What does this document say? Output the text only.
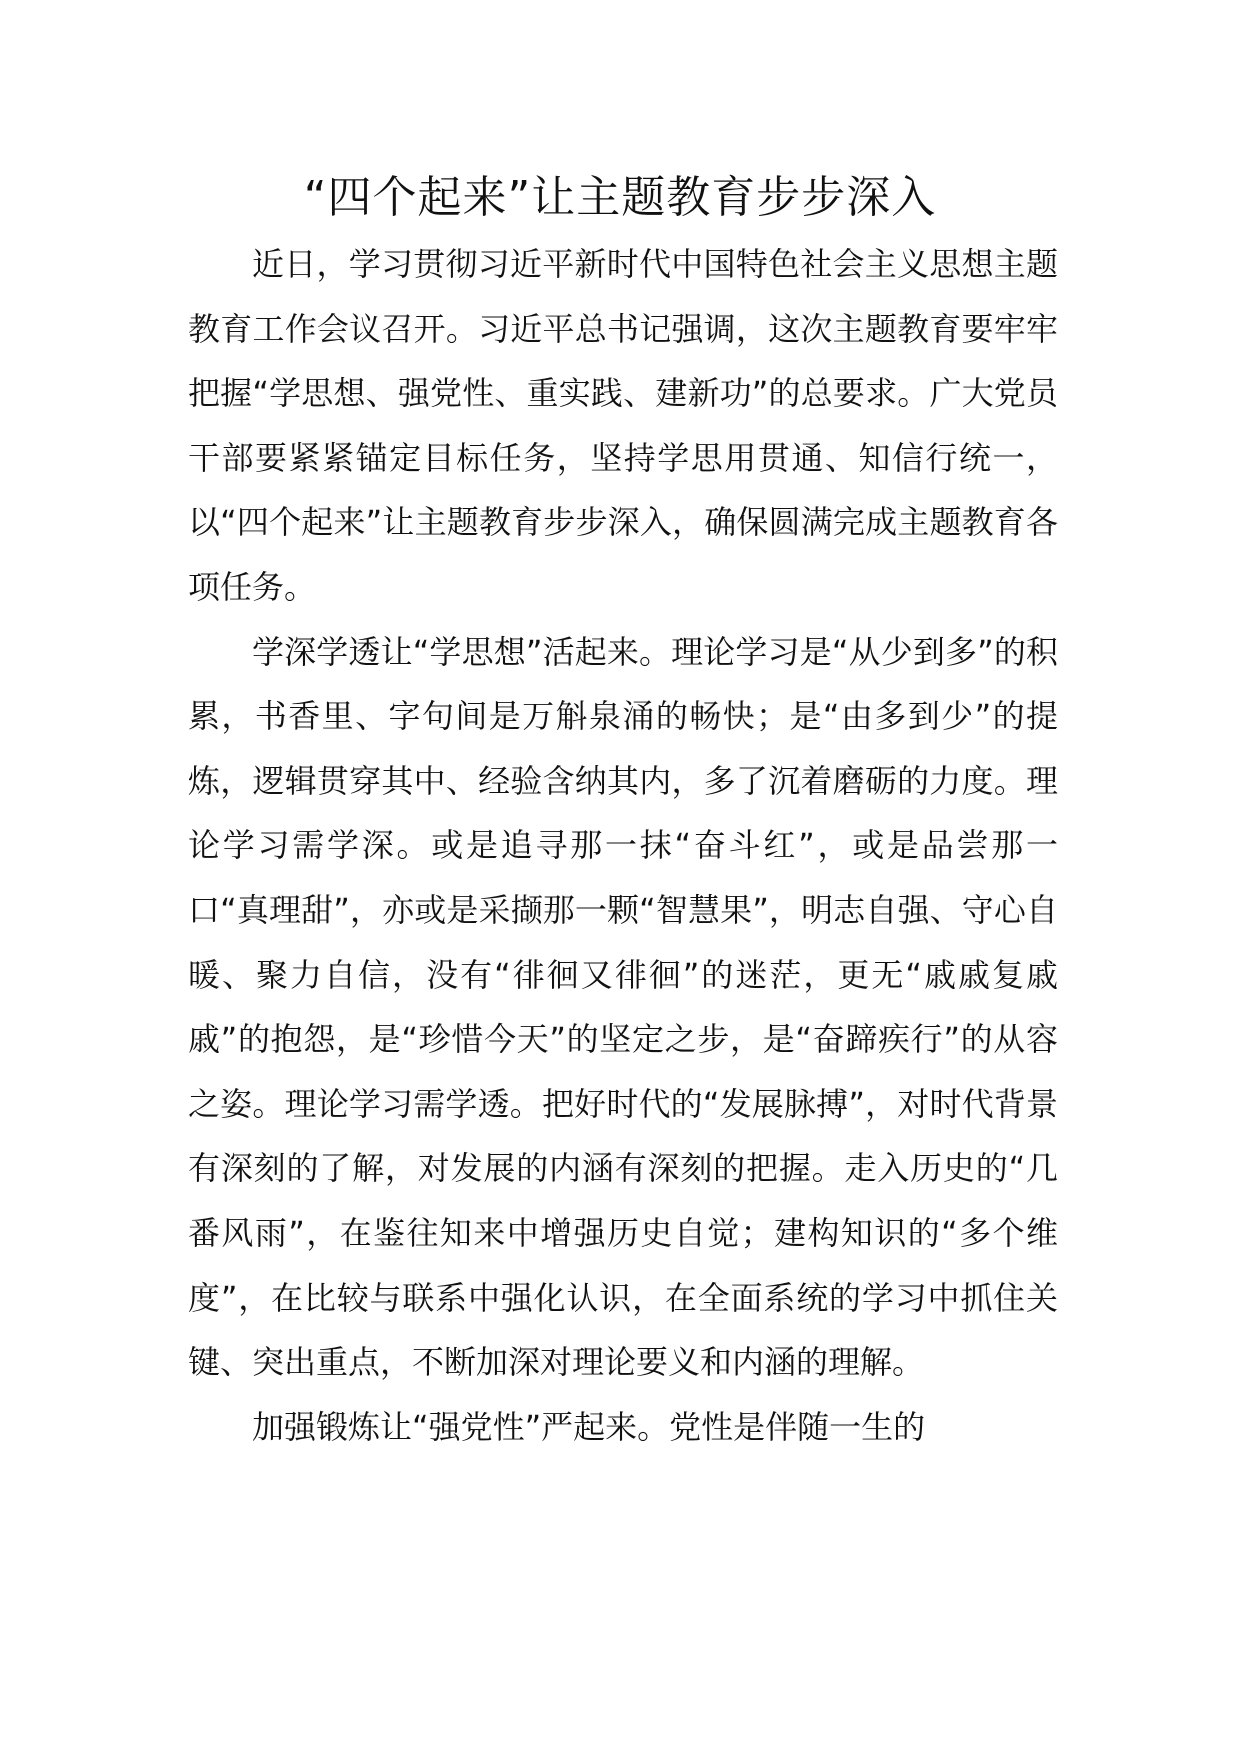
“四个起来”让主题教育步步深入

近日，学习贯彻习近平新时代中国特色社会主义思想主题教育工作会议召开。习近平总书记强调，这次主题教育要牢牢把握“学思想、强党性、重实践、建新功”的总要求。广大党员干部要紧紧锚定目标任务，坚持学思用贯通、知信行统一，以“四个起来”让主题教育步步深入，确保圆满完成主题教育各项任务。

学深学透让“学思想”活起来。理论学习是“从少到多”的积累，书香里、字句间是万斛泉涌的畅快；是“由多到少”的提炼，逻辑贯穿其中、经验含纳其内，多了沉着磨砺的力度。理论学习需学深。或是追寻那一抹“奋斗红”，或是品尝那一口“真理甜”，亦或是采撷那一颗“智慧果”，明志自强、守心自暖、聚力自信，没有“徘徊又徘徊”的迷茫，更无“戚戚复戚戚”的抱怨，是“珍惜今天”的坚定之步，是“奋蹄疾行”的从容之姿。理论学习需学透。把好时代的“发展脉搏”，对时代背景有深刻的了解，对发展的内涵有深刻的把握。走入历史的“几番风雨”，在鉴往知来中增强历史自觉；建构知识的“多个维度”，在比较与联系中强化认识，在全面系统的学习中抓住关键、突出重点，不断加深对理论要义和内涵的理解。

加强锻炼让“强党性”严起来。党性是伴随一生的
